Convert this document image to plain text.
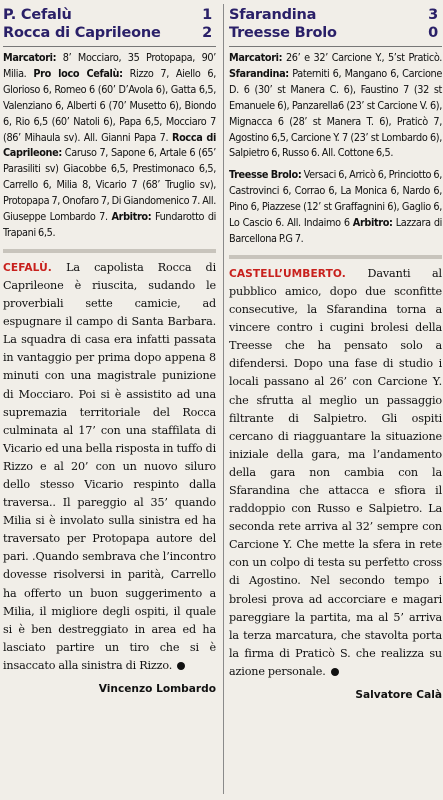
P. Cefalù	1
Rocca di Caprileone	2
Marcatori: 8’ Mocciaro, 35 Protopapa, 90’ Milia. Pro loco Cefalù: Rizzo 7, Aiello 6, Glorioso 6, Romeo 6 (60’ D’Avola 6), Gatta 6,5, Valenziano 6, Alberti 6 (70’ Musetto 6), Biondo 6, Rio 6,5 (60’ Natoli 6), Papa 6,5, Mocciaro 7 (86’ Mihaula sv). All. Gianni Papa 7. Rocca di Caprileone: Caruso 7, Sapone 6, Artale 6 (65’ Parasiliti sv) Giacobbe 6,5, Prestimonaco 6,5, Carrello 6, Milia 8, Vicario 7 (68’ Truglio sv), Protopapa 7, Onofaro 7, Di Giandomenico 7. All. Giuseppe Lombardo 7. Arbitro: Fundarotto di Trapani 6,5.
CEFALÙ. La capolista Rocca di Caprileone è riuscita, sudando le proverbiali sette camicie, ad espugnare il campo di Santa Barbara. La squadra di casa era infatti passata in vantaggio per prima dopo appena 8 minuti con una magistrale punizione di Mocciaro. Poi si è assistito ad una supremazia territoriale del Rocca culminata al 17’ con una staffilata di Vicario ed una bella risposta in tuffo di Rizzo e al 20’ con un nuovo siluro dello stesso Vicario respinto dalla traversa.. Il pareggio al 35’ quando Milia si è involato sulla sinistra ed ha traversato per Protopapa autore del pari. .Quando sembrava che l’incontro dovesse risolversi in parità, Carrello ha offerto un buon suggerimento a Milia, il migliore degli ospiti, il quale si è ben destreggiato in area ed ha lasciato partire un tiro che si è insaccato alla sinistra di Rizzo.
Vincenzo Lombardo
Sfarandina	3
Treesse Brolo	0
Marcatori: 26’ e 32’ Carcione Y., 5’st Praticò. Sfarandina: Paterniti 6, Mangano 6, Carcione D. 6 (30’ st Manera C. 6), Faustino 7 (32 st Emanuele 6), Panzarella6 (23’ st Carcione V. 6), Mignacca 6 (28’ st Manera T. 6), Praticò 7, Agostino 6,5, Carcione Y. 7 (23’ st Lombardo 6), Salpietro 6, Russo 6. All. Cottone 6,5.
Treesse Brolo: Versaci 6, Arricò 6, Princiotto 6, Castrovinci 6, Corrao 6, La Monica 6, Nardo 6, Pino 6, Piazzese (12’ st Graffagnini 6), Gaglio 6, Lo Cascio 6. All. Indaimo 6 Arbitro: Lazzara di Barcellona P.G 7.
CASTELL’UMBERTO. Davanti al pubblico amico, dopo due sconfitte consecutive, la Sfarandina torna a vincere contro i cugini brolesi della Treesse che ha pensato solo a difendersi. Dopo una fase di studio i locali passano al 26’ con Carcione Y. che sfrutta al meglio un passaggio filtrante di Salpietro. Gli ospiti cercano di riagguantare la situazione iniziale della gara, ma l’andamento della gara non cambia con la Sfarandina che attacca e sfiora il raddoppio con Russo e Salpietro. La seconda rete arriva al 32’ sempre con Carcione Y. Che mette la sfera in rete con un colpo di testa su perfetto cross di Agostino. Nel secondo tempo i brolesi prova ad accorciare e magari pareggiare la partita, ma al 5’ arriva la terza marcatura, che stavolta porta la firma di Praticò S. che realizza su azione personale.
Salvatore Calà
